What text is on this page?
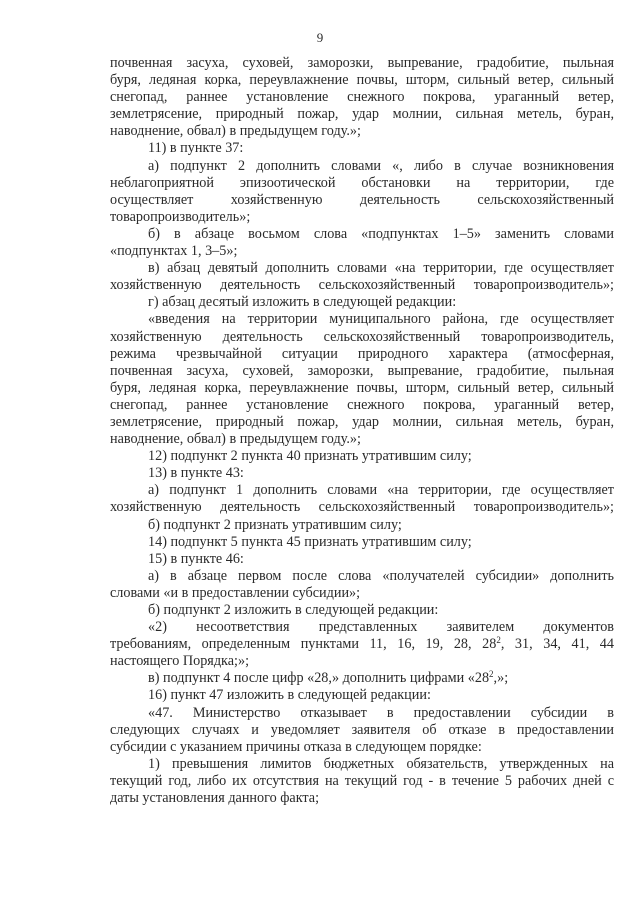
9
почвенная засуха, суховей, заморозки, выпревание, градобитие, пыльная
буря, ледяная корка, переувлажнение почвы, шторм, сильный ветер, сильный
снегопад, раннее установление снежного покрова, ураганный ветер,
землетрясение, природный пожар, удар молнии, сильная метель, буран,
наводнение, обвал) в предыдущем году.»;
11) в пункте 37:
а) подпункт 2 дополнить словами «, либо в случае возникновения
неблагоприятной эпизоотической обстановки на территории, где
осуществляет хозяйственную деятельность сельскохозяйственный
товаропроизводитель»;
б) в абзаце восьмом слова «подпунктах 1–5» заменить словами
«подпунктах 1, 3–5»;
в) абзац девятый дополнить словами «на территории, где осуществляет
хозяйственную деятельность сельскохозяйственный товаропроизводитель»;
г) абзац десятый изложить в следующей редакции:
«введения на территории муниципального района, где осуществляет
хозяйственную деятельность сельскохозяйственный товаропроизводитель,
режима чрезвычайной ситуации природного характера (атмосферная,
почвенная засуха, суховей, заморозки, выпревание, градобитие, пыльная
буря, ледяная корка, переувлажнение почвы, шторм, сильный ветер, сильный
снегопад, раннее установление снежного покрова, ураганный ветер,
землетрясение, природный пожар, удар молнии, сильная метель, буран,
наводнение, обвал) в предыдущем году.»;
12) подпункт 2 пункта 40 признать утратившим силу;
13) в пункте 43:
а) подпункт 1 дополнить словами «на территории, где осуществляет
хозяйственную деятельность сельскохозяйственный товаропроизводитель»;
б) подпункт 2 признать утратившим силу;
14) подпункт 5 пункта 45 признать утратившим силу;
15) в пункте 46:
а) в абзаце первом после слова «получателей субсидии» дополнить
словами «и в предоставлении субсидии»;
б) подпункт 2 изложить в следующей редакции:
«2) несоответствия представленных заявителем документов
требованиям, определенным пунктами 11, 16, 19, 28, $28^2$, 31, 34, 41, 44
настоящего Порядка;»;
в) подпункт 4 после цифр «28,» дополнить цифрами «$28^2$,»;
16) пункт 47 изложить в следующей редакции:
«47. Министерство отказывает в предоставлении субсидии в
следующих случаях и уведомляет заявителя об отказе в предоставлении
субсидии с указанием причины отказа в следующем порядке:
1) превышения лимитов бюджетных обязательств, утвержденных на
текущий год, либо их отсутствия на текущий год - в течение 5 рабочих дней с
даты установления данного факта;
